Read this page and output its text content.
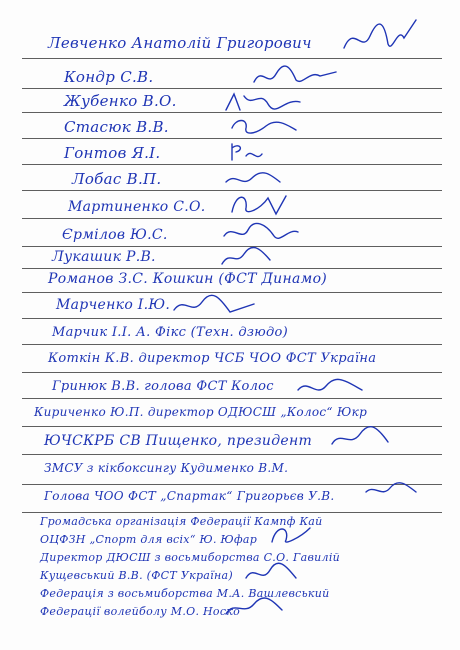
Левченко Анатолій Григорович
Кондр С.В.
Жубенко В.О.
Стасюк В.В.
Гонтов Я.І.
Лобас В.П.
Мартиненко С.О.
Єрмілов Ю.С.
Лукашик Р.В.
Романов З.С. Кошкин (ФСТ Динамо)
Марченко І.Ю.
Марчик І.І. А. Фікс (Техн. дзюдо)
Коткін К.В. директор ЧСБ ЧОО ФСТ Україна
Гринюк В.В. голова ФСТ Колос
Кириченко Ю.П. директор ОДЮСШ „Колос“ Юкр
ЮЧСКРБ СВ Пищенко, президент
ЗМСУ з кікбоксингу Кудименко В.М.
Голова ЧОО ФСТ „Спартак“ Григорьєв У.В.
Громадська організація Федерації Кампф Кай
ОЦФЗН „Спорт для всіх“ Ю. Юфар
Директор ДЮСШ з восьмиборства С.О. Гавилій
Кущевський В.В. (ФСТ Україна)
Федерація з восьмиборства М.А. Вашлевський
Федерації волейболу М.О. Носко
